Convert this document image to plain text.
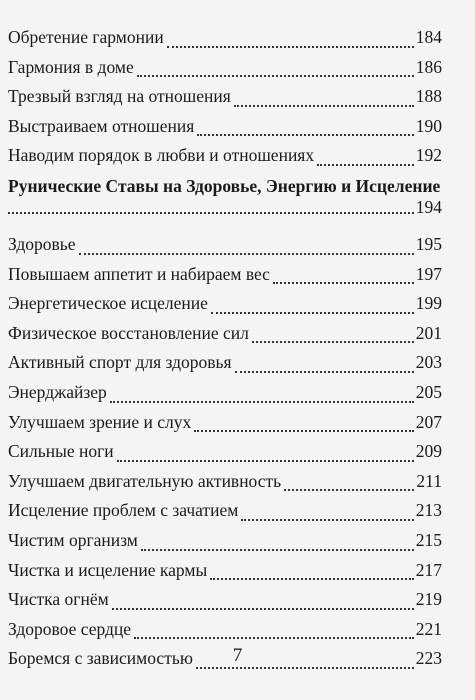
Обретение гармонии	184
Гармония в доме	186
Трезвый взгляд на отношения	188
Выстраиваем отношения	190
Наводим порядок в любви и отношениях	192
Рунические Ставы на Здоровье, Энергию и Исцеление
194
Здоровье	195
Повышаем аппетит и набираем вес	197
Энергетическое исцеление	199
Физическое восстановление сил	201
Активный спорт для здоровья	203
Энерджайзер	205
Улучшаем зрение и слух	207
Сильные ноги	209
Улучшаем двигательную активность	211
Исцеление проблем с зачатием	213
Чистим организм	215
Чистка и исцеление кармы	217
Чистка огнём	219
Здоровое сердце	221
Боремся с зависимостью	223
7
